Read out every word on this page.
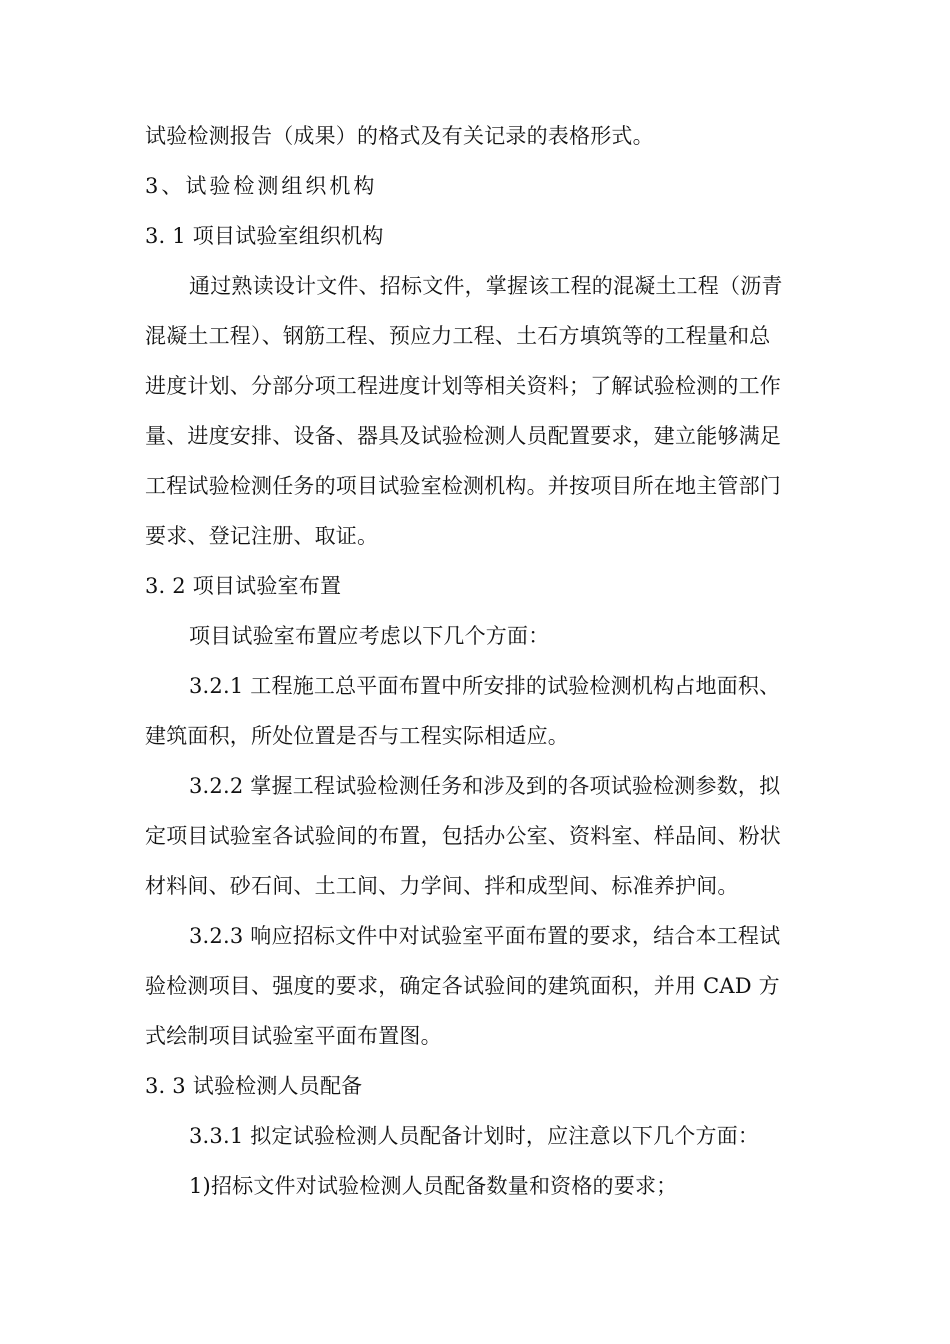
试验检测报告（成果）的格式及有关记录的表格形式。
3、试验检测组织机构
3. 1 项目试验室组织机构
通过熟读设计文件、招标文件，掌握该工程的混凝土工程（沥青
混凝土工程）、钢筋工程、预应力工程、土石方填筑等的工程量和总
进度计划、分部分项工程进度计划等相关资料；了解试验检测的工作
量、进度安排、设备、器具及试验检测人员配置要求，建立能够满足
工程试验检测任务的项目试验室检测机构。并按项目所在地主管部门
要求、登记注册、取证。
3. 2 项目试验室布置
项目试验室布置应考虑以下几个方面：
3.2.1 工程施工总平面布置中所安排的试验检测机构占地面积、
建筑面积，所处位置是否与工程实际相适应。
3.2.2 掌握工程试验检测任务和涉及到的各项试验检测参数，拟
定项目试验室各试验间的布置，包括办公室、资料室、样品间、粉状
材料间、砂石间、土工间、力学间、拌和成型间、标准养护间。
3.2.3 响应招标文件中对试验室平面布置的要求，结合本工程试
验检测项目、强度的要求，确定各试验间的建筑面积，并用 CAD 方
式绘制项目试验室平面布置图。
3. 3 试验检测人员配备
3.3.1 拟定试验检测人员配备计划时，应注意以下几个方面：
1)招标文件对试验检测人员配备数量和资格的要求；
